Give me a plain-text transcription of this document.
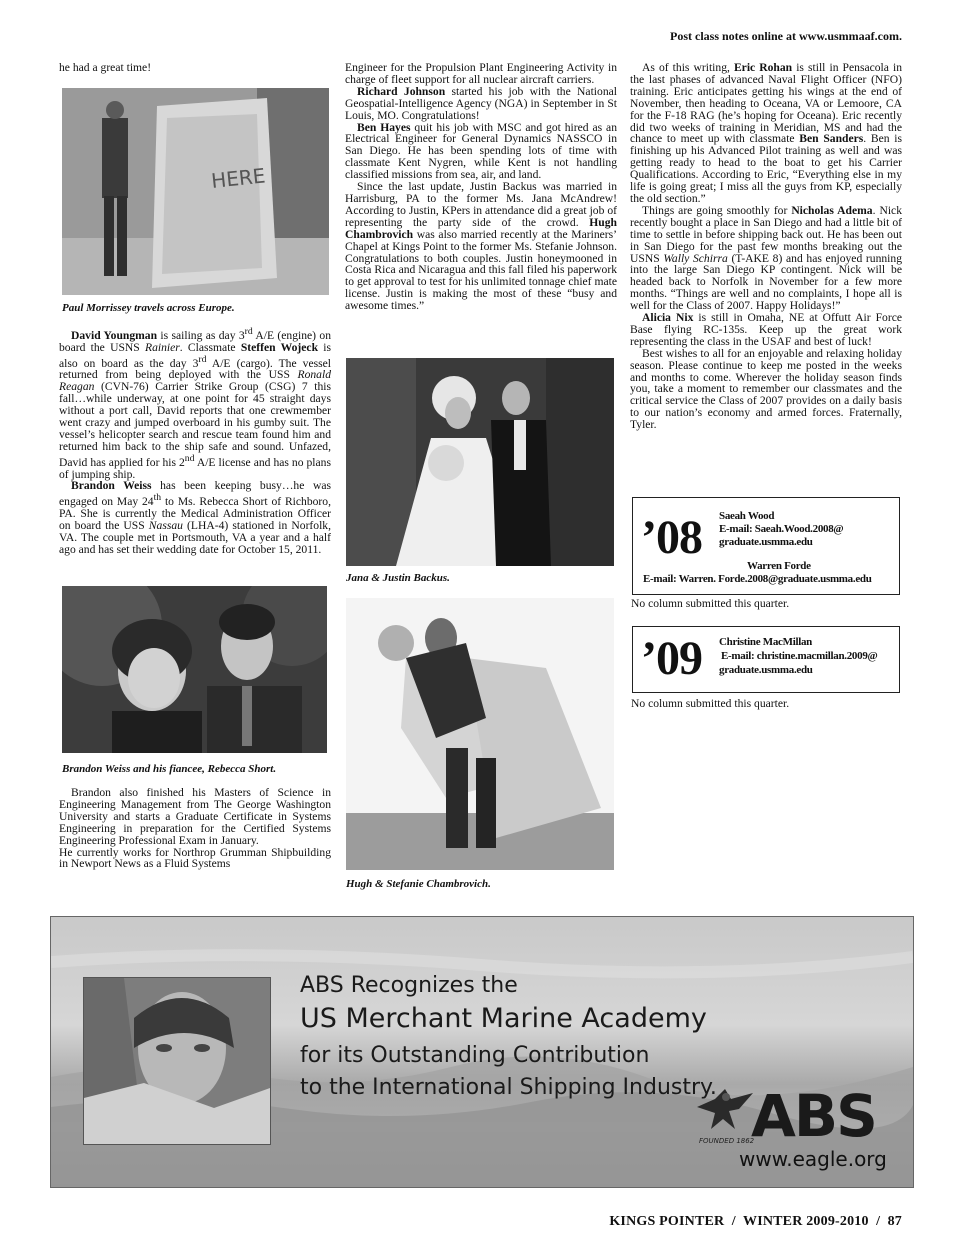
Post class notes online at www.usmmaaf.com.

he had a great time!

HERE
Paul Morrissey travels across Europe.

David Youngman is sailing as day 3rd A/E (engine) on board the USNS Rainier. Classmate Steffen Wojeck is also on board as the day 3rd A/E (cargo). The vessel returned from being deployed with the USS Ronald Reagan (CVN-76) Carrier Strike Group (CSG) 7 this fall…while underway, at one point for 45 straight days without a port call, David reports that one crewmember went crazy and jumped overboard in his gumby suit. The vessel’s helicopter search and rescue team found him and returned him back to the ship safe and sound. Unfazed, David has applied for his 2nd A/E license and has no plans of jumping ship.

Brandon Weiss has been keeping busy…he was engaged on May 24th to Ms. Rebecca Short of Richboro, PA. She is currently the Medical Administration Officer on board the USS Nassau (LHA-4) stationed in Norfolk, VA. The couple met in Portsmouth, VA a year and a half ago and has set their wedding date for October 15, 2011.

Brandon Weiss and his fiancee, Rebecca Short.

Brandon also finished his Masters of Science in Engineering Management from The George Washington University and starts a Graduate Certificate in Systems Engineering in preparation for the Certified Systems Engineering Professional Exam in January.

He currently works for Northrop Grumman Shipbuilding in Newport News as a Fluid Systems

Engineer for the Propulsion Plant Engineering Activity in charge of fleet support for all nuclear aircraft carriers.

Richard Johnson started his job with the National Geospatial-Intelligence Agency (NGA) in September in St Louis, MO. Congratulations!

Ben Hayes quit his job with MSC and got hired as an Electrical Engineer for General Dynamics NASSCO in San Diego. He has been spending lots of time with classmate Kent Nygren, while Kent is not handling classified missions from sea, air, and land.

Since the last update, Justin Backus was married in Harrisburg, PA to the former Ms. Jana McAndrew! According to Justin, KPers in attendance did a great job of representing the party side of the crowd. Hugh Chambrovich was also married recently at the Mariners’ Chapel at Kings Point to the former Ms. Stefanie Johnson. Congratulations to both couples. Justin honeymooned in Costa Rica and Nicaragua and this fall filed his paperwork to get approval to test for his unlimited tonnage chief mate license. Justin is making the most of these “busy and awesome times.”

Jana & Justin Backus.
Hugh & Stefanie Chambrovich.

As of this writing, Eric Rohan is still in Pensacola in the last phases of advanced Naval Flight Officer (NFO) training. Eric anticipates getting his wings at the end of November, then heading to Oceana, VA or Lemoore, CA for the F-18 RAG (he’s hoping for Oceana). Eric recently did two weeks of training in Meridian, MS and had the chance to meet up with classmate Ben Sanders. Ben is finishing up his Advanced Pilot training as well and was getting ready to head to the boat to get his Carrier Qualifications. According to Eric, “Everything else in my life is going great; I miss all the guys from KP, especially the old section.”

Things are going smoothly for Nicholas Adema. Nick recently bought a place in San Diego and had a little bit of time to settle in before shipping back out. He has been out in San Diego for the past few months breaking out the USNS Wally Schirra (T-AKE 8) and has enjoyed running into the large San Diego KP contingent. Nick will be headed back to Norfolk in November for a few more months. “Things are well and no complaints, I hope all is well for the Class of 2007. Happy Holidays!”

Alicia Nix is still in Omaha, NE at Offutt Air Force Base flying RC-135s. Keep up the great work representing the class in the USAF and best of luck!

Best wishes to all for an enjoyable and relaxing holiday season. Please continue to keep me posted in the weeks and months to come. Wherever the holiday season finds you, take a moment to remember our classmates and the critical service the Class of 2007 provides on a daily basis to our nation’s economy and armed forces. Fraternally, Tyler.

’08 Saeah Wood
E-mail: Saeah.Wood.2008@
graduate.usmma.edu
Warren Forde
E-mail: Warren. Forde.2008@graduate.usmma.edu
No column submitted this quarter.
’09 Christine MacMillan
E-mail: christine.macmillan.2009@
graduate.usmma.edu
No column submitted this quarter.
ABS Recognizes the
US Merchant Marine Academy
for its Outstanding Contribution
to the International Shipping Industry.
FOUNDED 1862
ABS
www.eagle.org
KINGS POINTER  /  WINTER 2009-2010  /  87
